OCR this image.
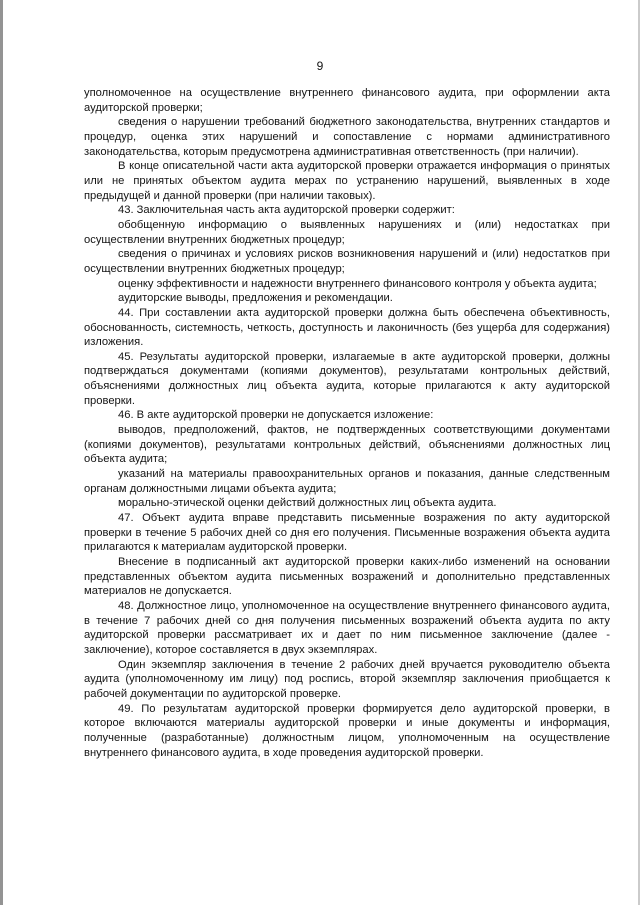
9

уполномоченное на осуществление внутреннего финансового аудита, при оформлении акта аудиторской проверки;

сведения о нарушении требований бюджетного законодательства, внутренних стандартов и процедур, оценка этих нарушений и сопоставление с нормами административного законодательства, которым предусмотрена административная ответственность (при наличии).

В конце описательной части акта аудиторской проверки отражается информация о принятых или не принятых объектом аудита мерах по устранению нарушений, выявленных в ходе предыдущей и данной проверки (при наличии таковых).

43. Заключительная часть акта аудиторской проверки содержит:

обобщенную информацию о выявленных нарушениях и (или) недостатках при осуществлении внутренних бюджетных процедур;

сведения о причинах и условиях рисков возникновения нарушений и (или) недостатков при осуществлении внутренних бюджетных процедур;

оценку эффективности и надежности внутреннего финансового контроля у объекта аудита;

аудиторские выводы, предложения и рекомендации.

44. При составлении акта аудиторской проверки должна быть обеспечена объективность, обоснованность, системность, четкость, доступность и лаконичность (без ущерба для содержания) изложения.

45. Результаты аудиторской проверки, излагаемые в акте аудиторской проверки, должны подтверждаться документами (копиями документов), результатами контрольных действий, объяснениями должностных лиц объекта аудита, которые прилагаются к акту аудиторской проверки.

46. В акте аудиторской проверки не допускается изложение:

выводов, предположений, фактов, не подтвержденных соответствующими документами (копиями документов), результатами контрольных действий, объяснениями должностных лиц объекта аудита;

указаний на материалы правоохранительных органов и показания, данные следственным органам должностными лицами объекта аудита;

морально-этической оценки действий должностных лиц объекта аудита.

47. Объект аудита вправе представить письменные возражения по акту аудиторской проверки в течение 5 рабочих дней со дня его получения. Письменные возражения объекта аудита прилагаются к материалам аудиторской проверки.

Внесение в подписанный акт аудиторской проверки каких-либо изменений на основании представленных объектом аудита письменных возражений и дополнительно представленных материалов не допускается.

48. Должностное лицо, уполномоченное на осуществление внутреннего финансового аудита, в течение 7 рабочих дней со дня получения письменных возражений объекта аудита по акту аудиторской проверки рассматривает их и дает по ним письменное заключение (далее - заключение), которое составляется в двух экземплярах.

Один экземпляр заключения в течение 2 рабочих дней вручается руководителю объекта аудита (уполномоченному им лицу) под роспись, второй экземпляр заключения приобщается к рабочей документации по аудиторской проверке.

49. По результатам аудиторской проверки формируется дело аудиторской проверки, в которое включаются материалы аудиторской проверки и иные документы и информация, полученные (разработанные) должностным лицом, уполномоченным на осуществление внутреннего финансового аудита, в ходе проведения аудиторской проверки.
